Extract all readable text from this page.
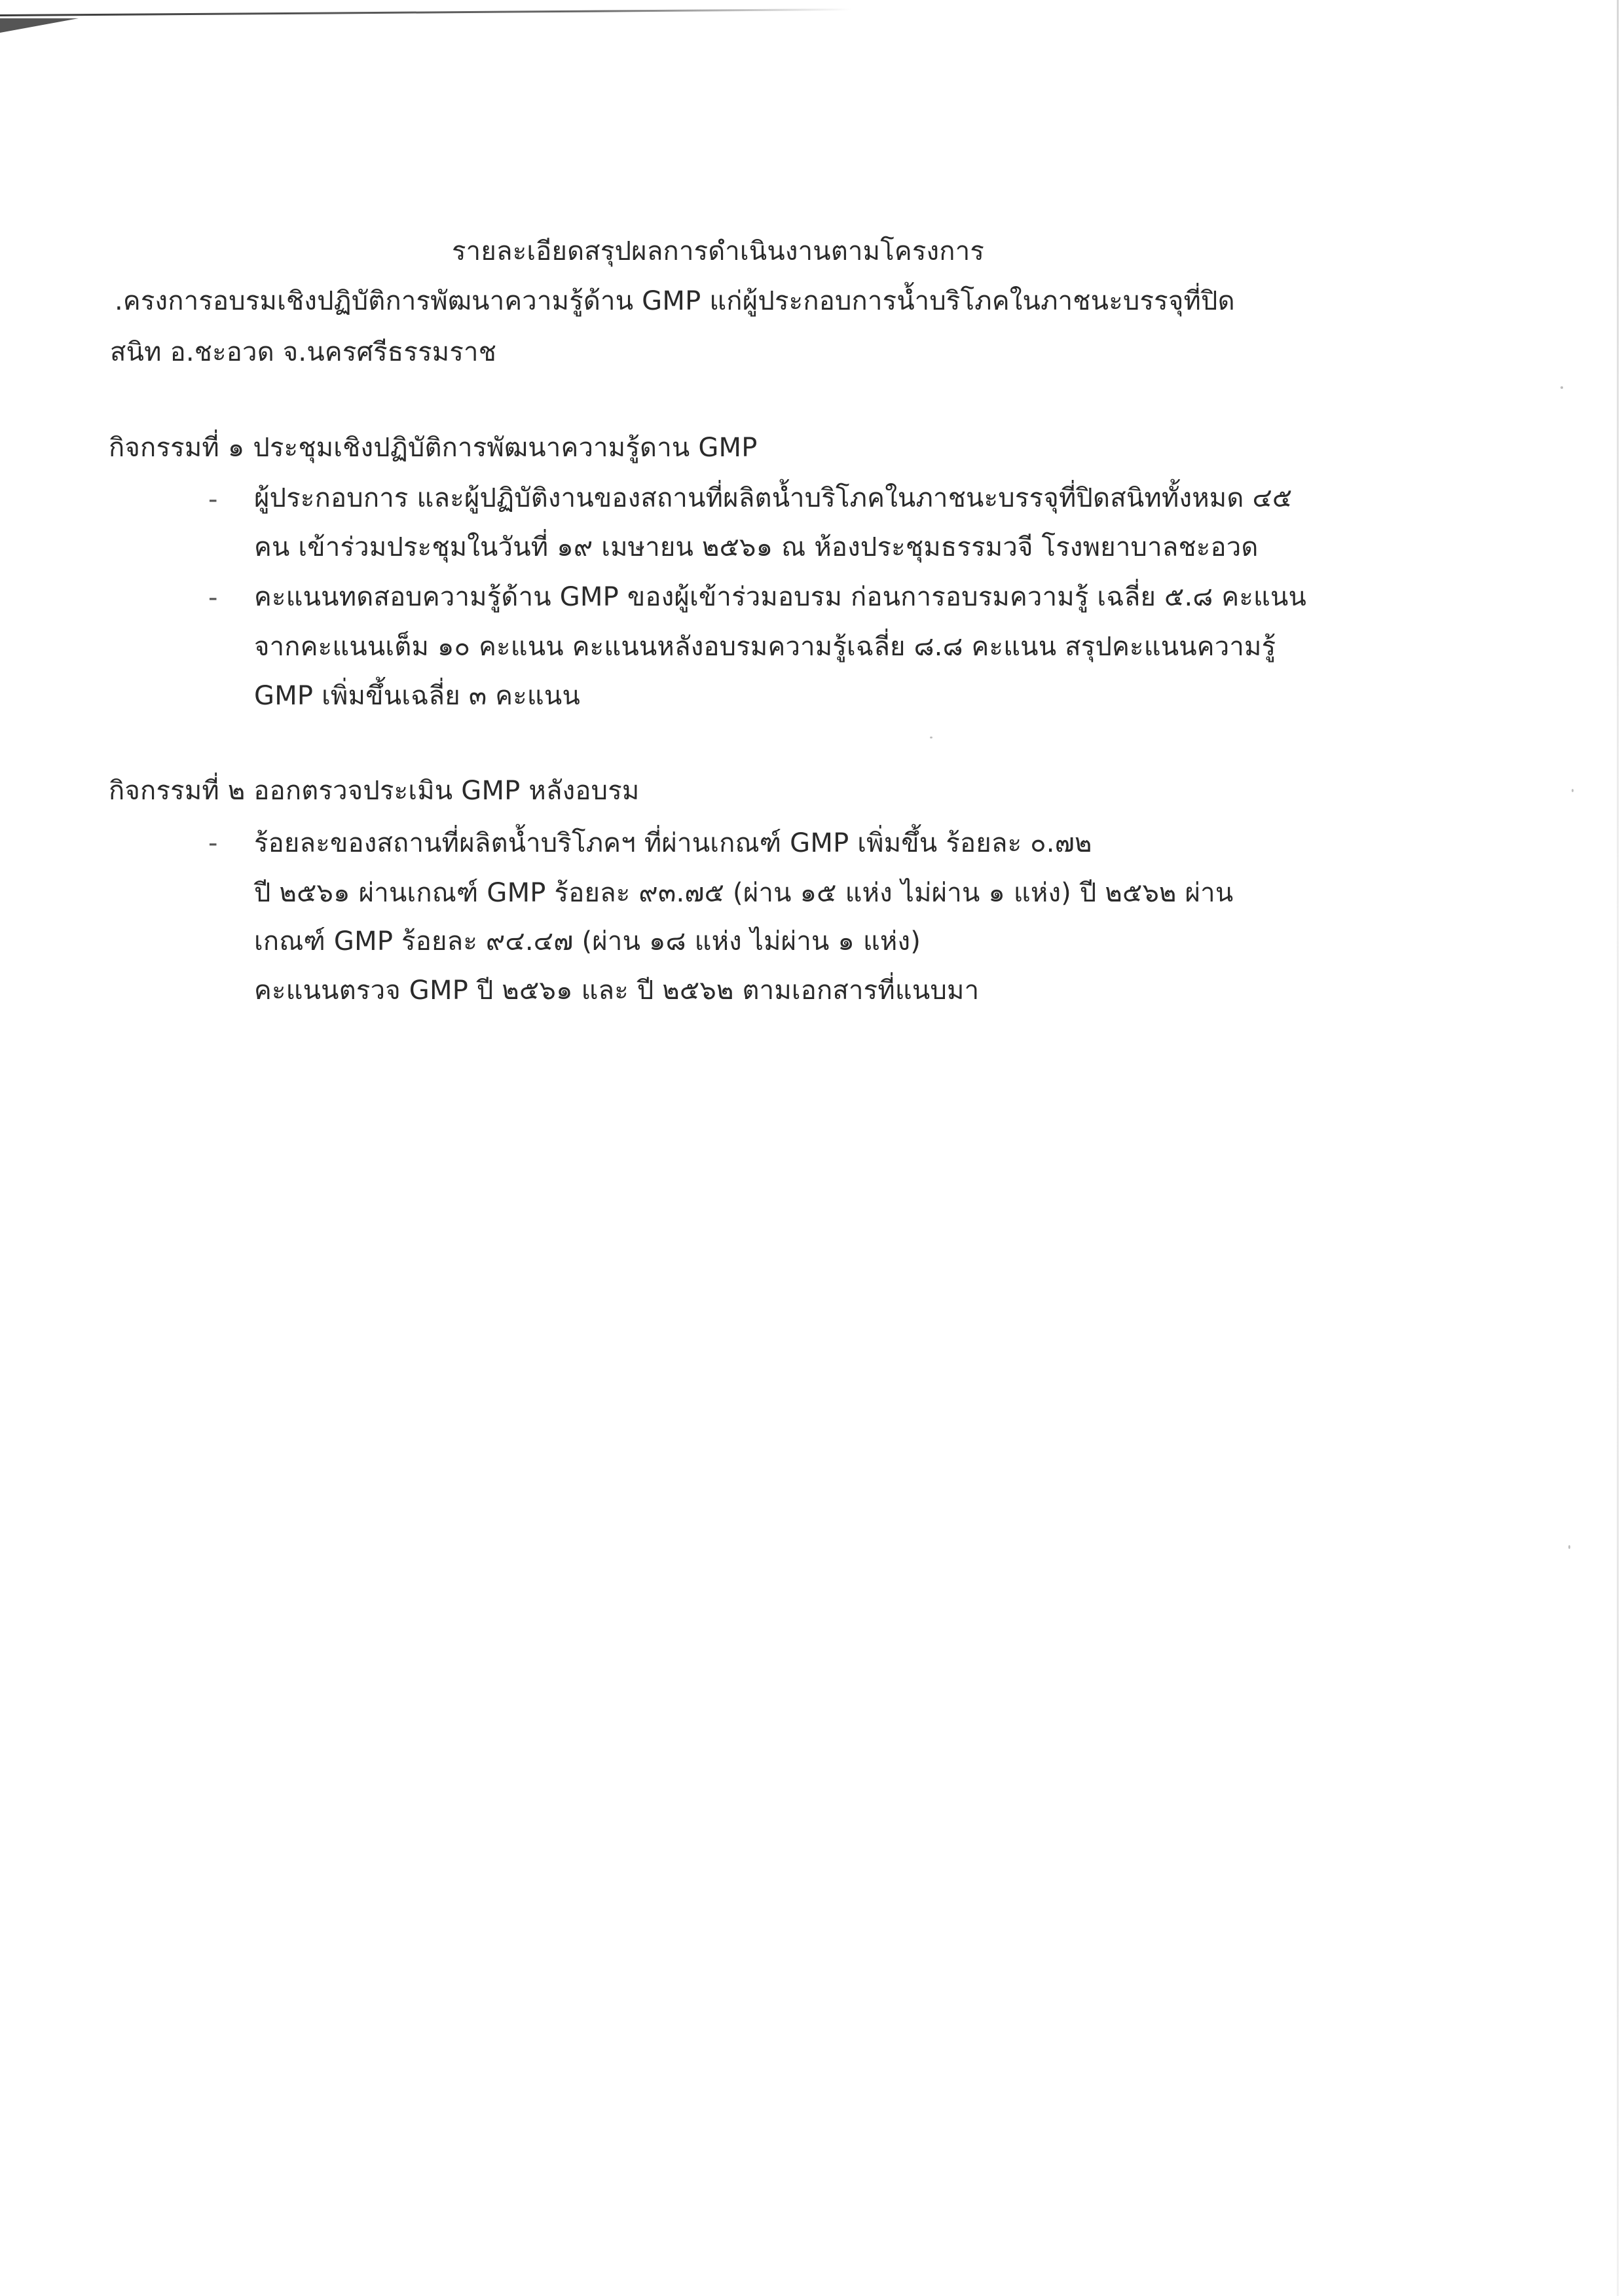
รายละเอียดสรุปผลการดำเนินงานตามโครงการ
.ครงการอบรมเชิงปฏิบัติการพัฒนาความรู้ด้าน GMP แก่ผู้ประกอบการน้ำบริโภคในภาชนะบรรจุที่ปิด
สนิท อ.ชะอวด จ.นครศรีธรรมราช
กิจกรรมที่ ๑ ประชุมเชิงปฏิบัติการพัฒนาความรู้ดาน GMP
- ผู้ประกอบการ และผู้ปฏิบัติงานของสถานที่ผลิตน้ำบริโภคในภาชนะบรรจุที่ปิดสนิททั้งหมด ๔๕
คน เข้าร่วมประชุมในวันที่ ๑๙ เมษายน ๒๕๖๑ ณ ห้องประชุมธรรมวจี โรงพยาบาลชะอวด
- คะแนนทดสอบความรู้ด้าน GMP ของผู้เข้าร่วมอบรม ก่อนการอบรมความรู้ เฉลี่ย ๕.๘ คะแนน
จากคะแนนเต็ม ๑๐ คะแนน คะแนนหลังอบรมความรู้เฉลี่ย ๘.๘ คะแนน สรุปคะแนนความรู้
GMP เพิ่มขึ้นเฉลี่ย ๓ คะแนน
กิจกรรมที่ ๒ ออกตรวจประเมิน GMP หลังอบรม
- ร้อยละของสถานที่ผลิตน้ำบริโภคฯ ที่ผ่านเกณฑ์ GMP เพิ่มขึ้น ร้อยละ ๐.๗๒
ปี ๒๕๖๑ ผ่านเกณฑ์ GMP ร้อยละ ๙๓.๗๕ (ผ่าน ๑๕ แห่ง ไม่ผ่าน ๑ แห่ง) ปี ๒๕๖๒ ผ่าน
เกณฑ์ GMP ร้อยละ ๙๔.๔๗ (ผ่าน ๑๘ แห่ง ไม่ผ่าน ๑ แห่ง)
คะแนนตรวจ GMP ปี ๒๕๖๑ และ ปี ๒๕๖๒ ตามเอกสารที่แนบมา
